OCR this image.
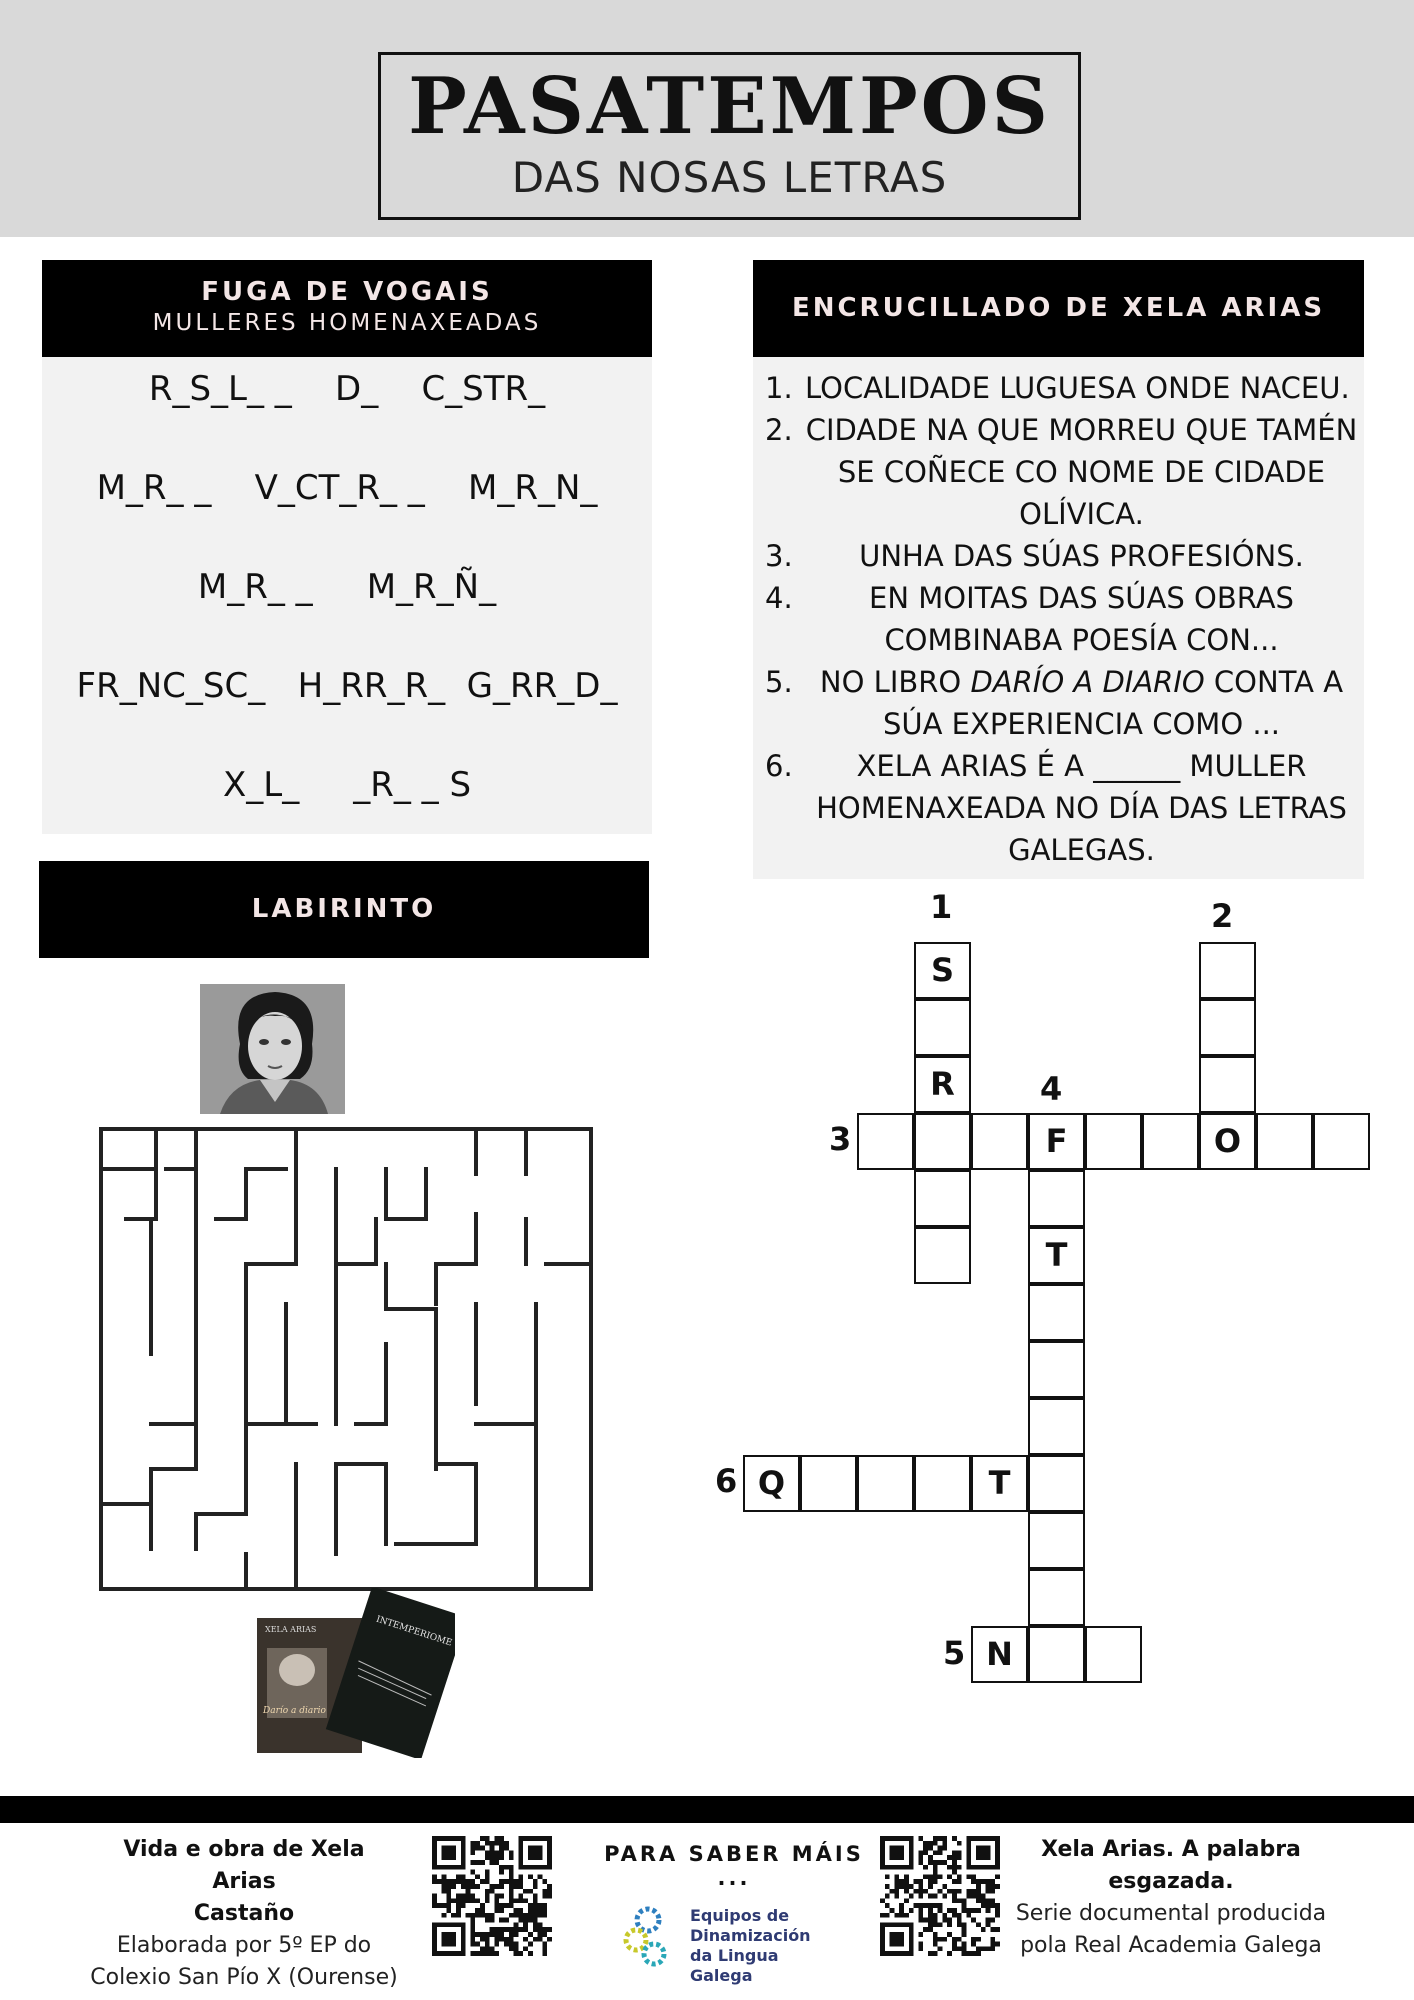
PASATEMPOS
DAS NOSAS LETRAS
FUGA DE VOGAIS
MULLERES HOMENAXEADAS
R_S_L_ _    D_    C_STR_
M_R_ _    V_CT_R_ _    M_R_N_
M_R_ _     M_R_Ñ_
FR_NC_SC_   H_RR_R_  G_RR_D_
X_L_     _R_ _ S
ENCRUCILLADO DE XELA ARIAS
1. LOCALIDADE LUGUESA ONDE NACEU.
2. CIDADE NA QUE MORREU QUE TAMÉN SE COÑECE CO NOME DE CIDADE OLÍVICA.
3.	UNHA DAS SÚAS PROFESIÓNS.
4.	EN MOITAS DAS SÚAS OBRAS COMBINABA POESÍA CON...
5. NO LIBRO DARÍO A DIARIO CONTA A SÚA EXPERIENCIA COMO ...
6.	XELA ARIAS É A ______ MULLER HOMENAXEADA NO DÍA DAS LETRAS GALEGAS.
LABIRINTO
XELA ARIAS
Darío a diario
INTEMPERIOME
S
R
F	O
T
Q	T
N
1	2
3
4
5
6
Vida e obra de Xela Arias
Castaño
Elaborada por 5º EP do
Colexio San Pío X (Ourense)
PARA SABER MÁIS ...
Equipos de
Dinamización
da Lingua Galega
Xela Arias. A palabra
esgazada.
Serie documental producida
pola Real Academia Galega
